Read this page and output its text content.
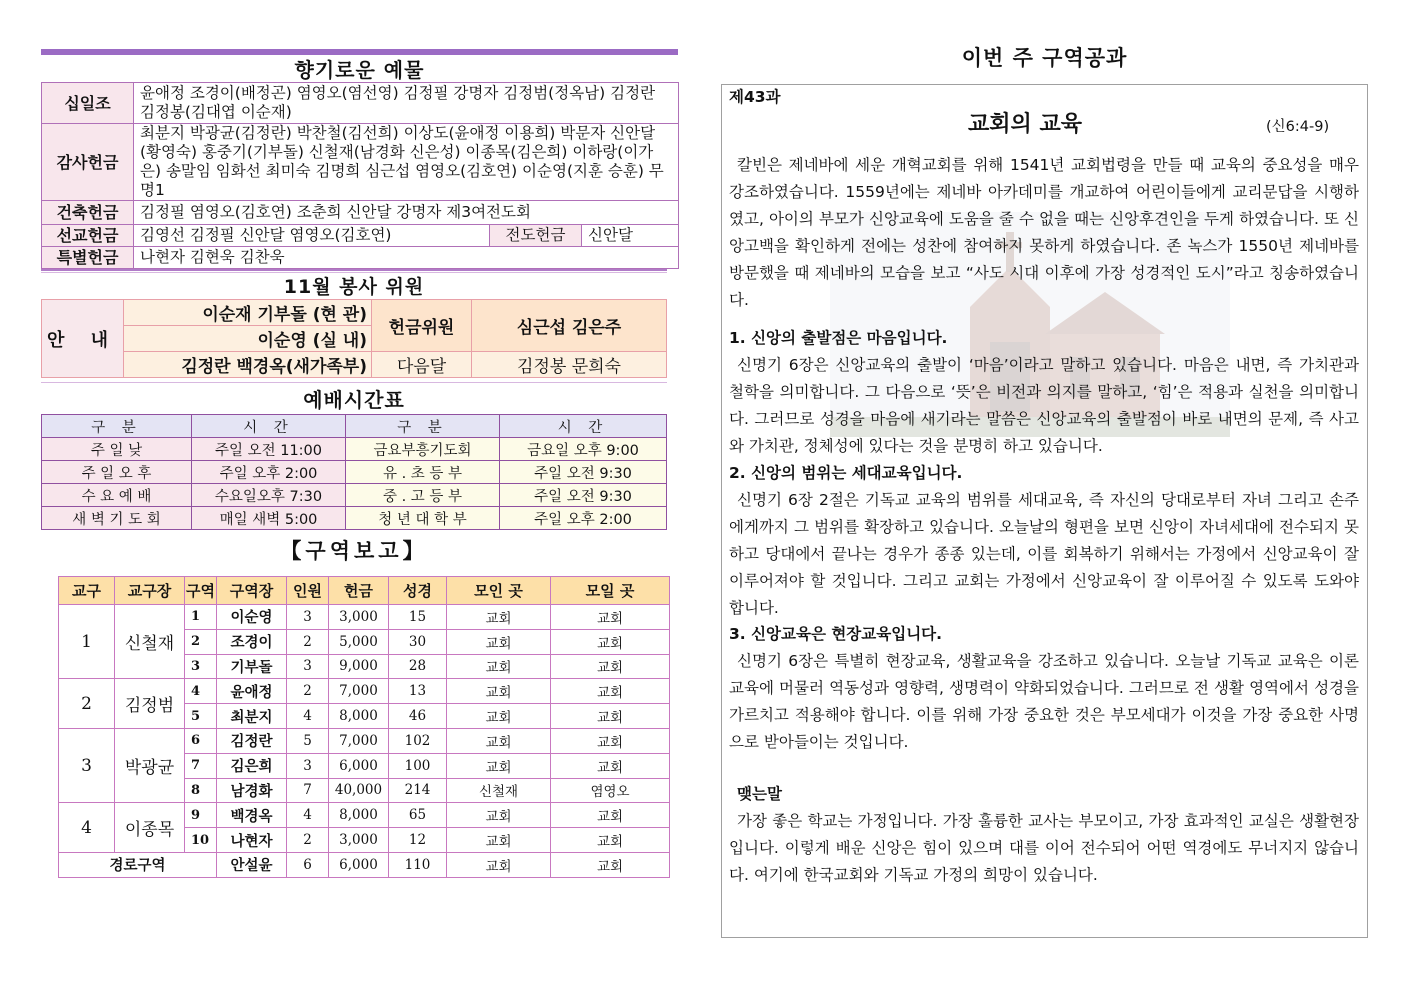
향기로운 예물
십일조	윤애정 조경이(배정곤) 염영오(염선영) 김정필 강명자 김정범(정옥남) 김정란 김정봉(김대엽 이순재)		
감사헌금	최분지 박광균(김정란) 박찬철(김선희) 이상도(윤애정 이용희) 박문자 신안달(황영숙) 홍중기(기부돌) 신철재(남경화 신은성) 이종목(김은희) 이하랑(이가은) 송말임 임화선 최미숙 김명희 심근섭 염영오(김호연) 이순영(지훈 승훈) 무명1		
건축헌금	김정필 염영오(김호연) 조춘희 신안달 강명자 제3여전도회		
선교헌금	김영선 김정필 신안달 염영오(김호연)	전도헌금	신안달
특별헌금	나현자 김현욱 김찬욱		
11월 봉사 위원
안 내	이순재 기부돌 (현 관)	헌금위원	심근섭 김은주
	이순영 (실 내)		
	김정란 백경옥(새가족부)	다음달	김정봉 문희숙
예배시간표
구 분	시 간	구 분	시 간
주 일 낮	주일 오전 11:00	금요부흥기도회	금요일 오후 9:00
주 일 오 후	주일 오후 2:00	유 . 초 등 부	주일 오전 9:30
수 요 예 배	수요일오후 7:30	중 . 고 등 부	주일 오전 9:30
새 벽 기 도 회	매일 새벽 5:00	청 년 대 학 부	주일 오후 2:00
【구역보고】
교구	교구장	구역	구역장	인원	헌금	성경	모인 곳	모일 곳
1	신철재	1	이순영	3	3,000	15	교회	교회
		2	조경이	2	5,000	30	교회	교회
		3	기부돌	3	9,000	28	교회	교회
2	김정범	4	윤애정	2	7,000	13	교회	교회
		5	최분지	4	8,000	46	교회	교회
3	박광균	6	김정란	5	7,000	102	교회	교회
		7	김은희	3	6,000	100	교회	교회
		8	남경화	7	40,000	214	신철재	염영오
4	이종목	9	백경옥	4	8,000	65	교회	교회
		10	나현자	2	3,000	12	교회	교회
경로구역			안설윤	6	6,000	110	교회	교회
이번 주 구역공과
제43과
교회의 교육	(신6:4-9)

칼빈은 제네바에 세운 개혁교회를 위해 1541년 교회법령을 만들 때 교육의 중요성을 매우 강조하였습니다. 1559년에는 제네바 아카데미를 개교하여 어린이들에게 교리문답을 시행하였고, 아이의 부모가 신앙교육에 도움을 줄 수 없을 때는 신앙후견인을 두게 하였습니다. 또 신앙고백을 확인하게 전에는 성찬에 참여하지 못하게 하였습니다. 존 녹스가 1550년 제네바를 방문했을 때 제네바의 모습을 보고 “사도 시대 이후에 가장 성경적인 도시”라고 칭송하였습니다.

1. 신앙의 출발점은 마음입니다.

신명기 6장은 신앙교육의 출발이 ‘마음’이라고 말하고 있습니다. 마음은 내면, 즉 가치관과 철학을 의미합니다. 그 다음으로 ‘뜻’은 비전과 의지를 말하고, ‘힘’은 적용과 실천을 의미합니다. 그러므로 성경을 마음에 새기라는 말씀은 신앙교육의 출발점이 바로 내면의 문제, 즉 사고와 가치관, 정체성에 있다는 것을 분명히 하고 있습니다.

2. 신앙의 범위는 세대교육입니다.

신명기 6장 2절은 기독교 교육의 범위를 세대교육, 즉 자신의 당대로부터 자녀 그리고 손주에게까지 그 범위를 확장하고 있습니다. 오늘날의 형편을 보면 신앙이 자녀세대에 전수되지 못하고 당대에서 끝나는 경우가 종종 있는데, 이를 회복하기 위해서는 가정에서 신앙교육이 잘 이루어져야 할 것입니다. 그리고 교회는 가정에서 신앙교육이 잘 이루어질 수 있도록 도와야 합니다.

3. 신앙교육은 현장교육입니다.

신명기 6장은 특별히 현장교육, 생활교육을 강조하고 있습니다. 오늘날 기독교 교육은 이론 교육에 머물러 역동성과 영향력, 생명력이 약화되었습니다. 그러므로 전 생활 영역에서 성경을 가르치고 적용해야 합니다. 이를 위해 가장 중요한 것은 부모세대가 이것을 가장 중요한 사명으로 받아들이는 것입니다.

맺는말

가장 좋은 학교는 가정입니다. 가장 훌륭한 교사는 부모이고, 가장 효과적인 교실은 생활현장입니다. 이렇게 배운 신앙은 힘이 있으며 대를 이어 전수되어 어떤 역경에도 무너지지 않습니다. 여기에 한국교회와 기독교 가정의 희망이 있습니다.
